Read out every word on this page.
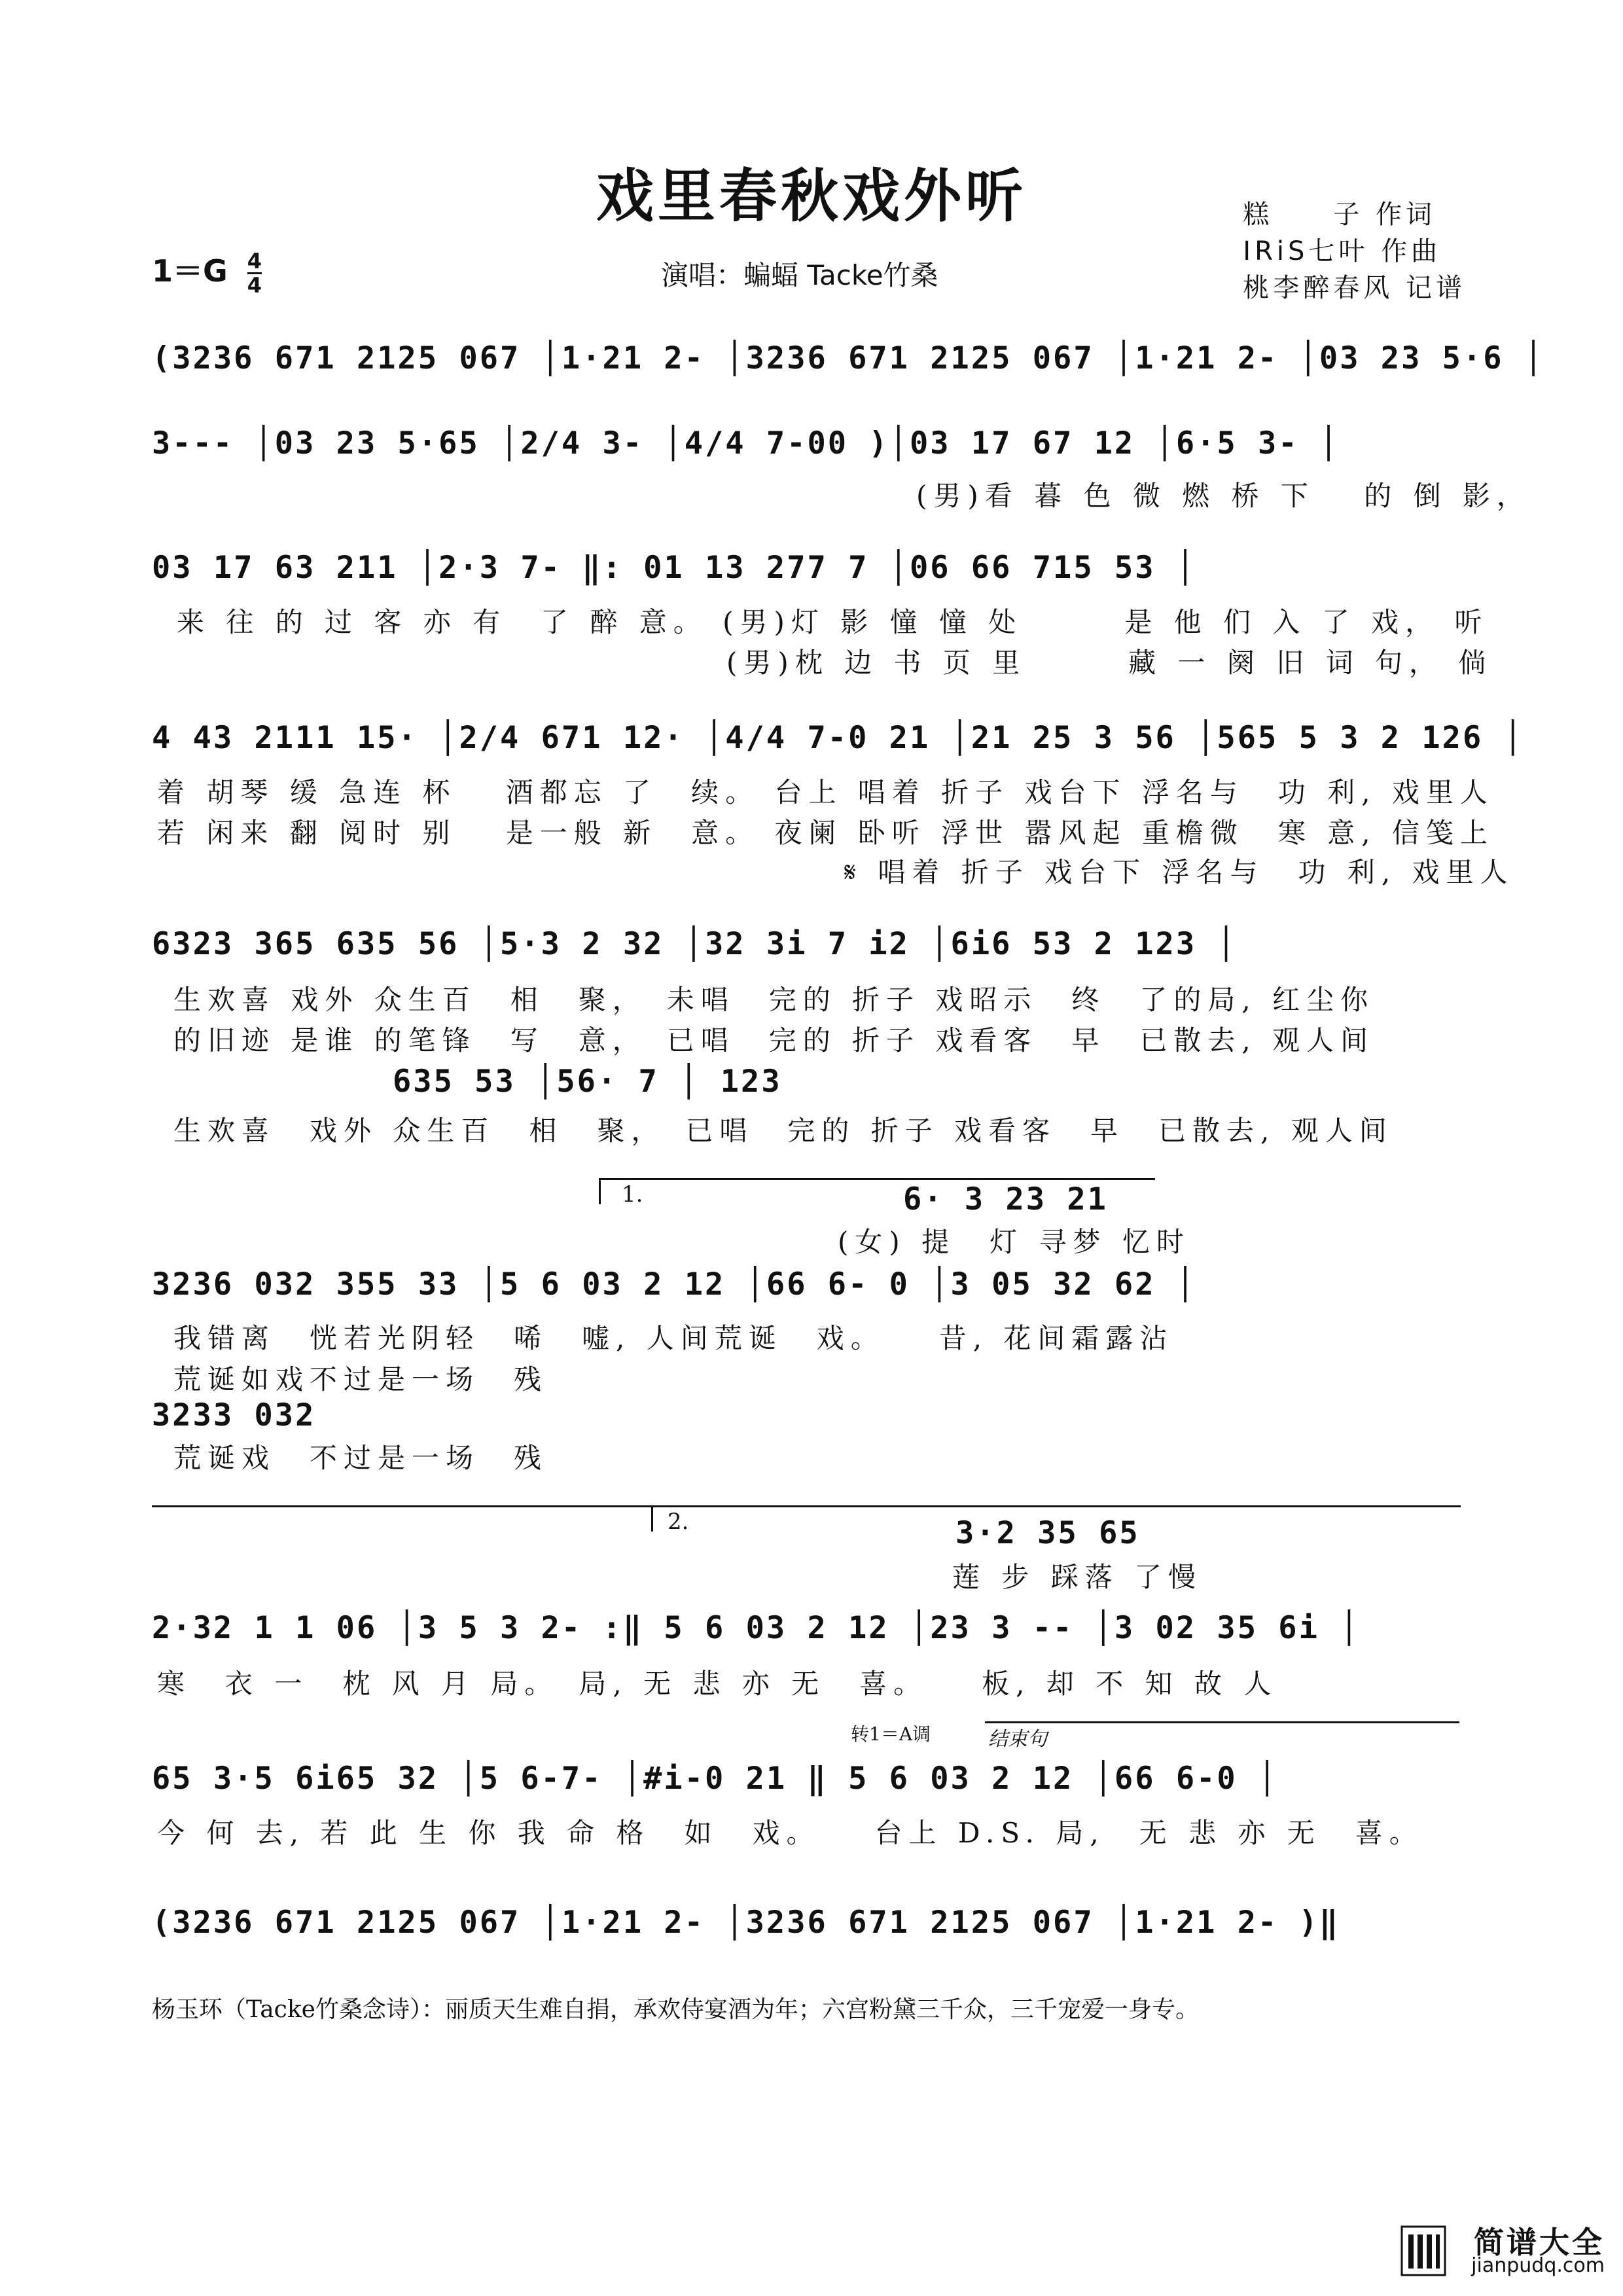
戏里春秋戏外听	糕　　子 作词
IRiS七叶 作曲
桃李醉春风 记谱
$1=G \frac{4}{4}$	演唱：蝙蝠 Tacke竹桑
(3236 671 2125 067 │1·21 2- │3236 671 2125 067 │1·21 2- │03 23 5·6 │
3--- │03 23 5·65 │2/4 3- │4/4 7-00 )│03 17 67 12 │6·5 3- │
(男)看 暮 色 微 燃 桥 下　 的 倒 影，
03 17 63 211 │2·3 7- ‖: 01 13 277 7 │06 66 715 53 │
来 往 的 过 客 亦 有　了 醉 意。 (男)灯 影 憧 憧 处　　　是 他 们 入 了 戏， 听
(男)枕 边 书 页 里　　　藏 一 阕 旧 词 句， 倘
4 43 2111 15· │2/4 671 12· │4/4 7-0 21 │21 25 3 56 │565 5 3 2 126 │
着 胡琴 缓 急连 杯　 酒都忘 了　续。 台上 唱着 折子 戏台下 浮名与　功 利, 戏里人
若 闲来 翻 阅时 别　 是一般 新　意。 夜阑 卧听 浮世 嚣风起 重檐微　寒 意, 信笺上
𝄋 唱着 折子 戏台下 浮名与　功 利, 戏里人
6323 365 635 56 │5·3 2 32 │32 3i 7 i2 │6i6 53 2 123 │
生欢喜 戏外 众生百　相　聚，　未唱　完的 折子 戏昭示　终　了的局, 红尘你
的旧迹 是谁 的笔锋　写　意，　已唱　完的 折子 戏看客　早　已散去, 观人间
635 53 │56· 7 │ 123
生欢喜　戏外 众生百　相　聚，　已唱　完的 折子 戏看客　早　已散去, 观人间
1.	6· 3 23 21
(女) 提　灯 寻梦 忆时
3236 032 355 33 │5 6 03 2 12 │66 6- 0 │3 05 32 62 │
我错离　恍若光阴轻　唏　嘘, 人间荒诞　戏。　　昔, 花间霜露沾
荒诞如戏不过是一场　残
3233 032
荒诞戏　不过是一场　残
2.	3·2 35 65
莲 步 踩落 了慢
2·32 1 1 06 │3 5 3 2- :‖ 5 6 03 2 12 │23 3 -- │3 02 35 6i │
寒　衣 一　枕 风 月 局。　局, 无 悲 亦 无　喜。　　板, 却 不 知 故 人
转1＝A调	结束句
65 3·5 6i65 32 │5 6-7- │#i-0 21 ‖ 5 6 03 2 12 │66 6-0 │
今 何 去, 若 此 生 你 我 命 格　如　戏。　　台上 D.S. 局,　无 悲 亦 无　喜。
(3236 671 2125 067 │1·21 2- │3236 671 2125 067 │1·21 2- )‖
杨玉环（Tacke竹桑念诗）：丽质天生难自捐，承欢侍宴酒为年；六宫粉黛三千众，三千宠爱一身专。
简谱大全
jianpudq.com
